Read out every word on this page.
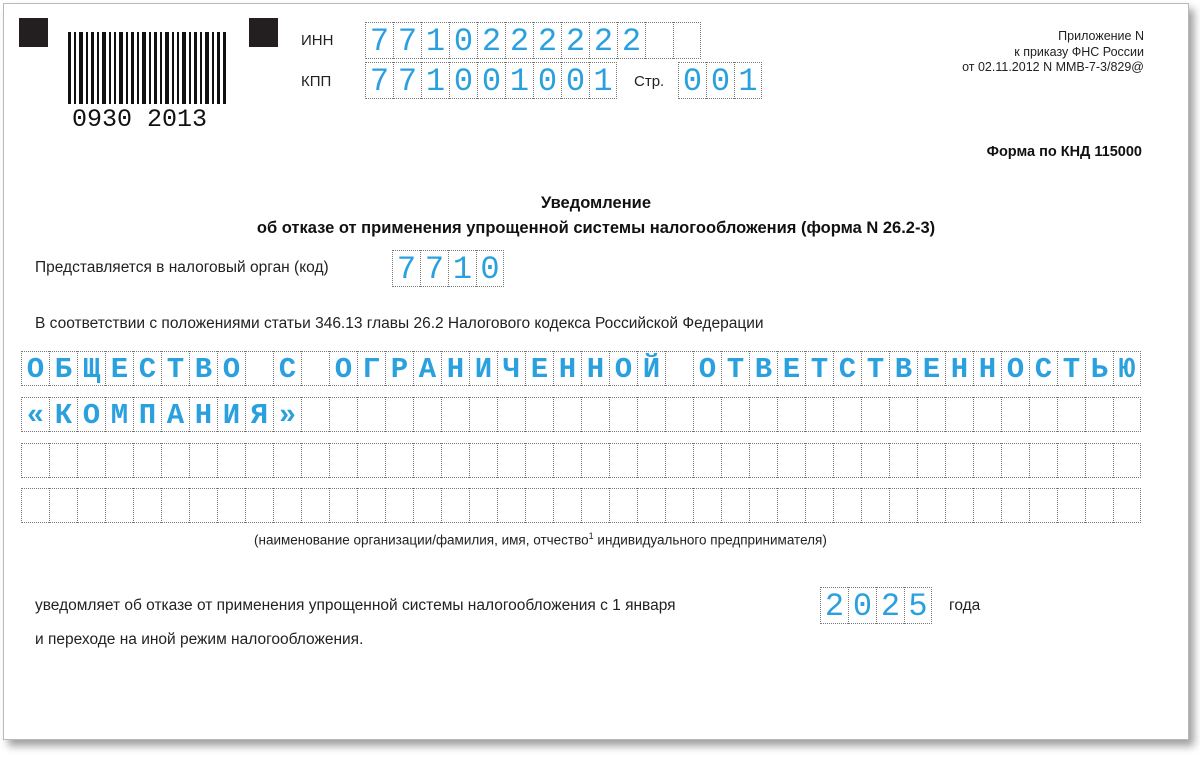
0930 2013
ИНН 7 7 1 0 2 2 2 2 2 2
КПП 7 7 1 0 0 1 0 0 1 Стр. 0 0 1
Приложение N
к приказу ФНС России
от 02.11.2012 N ММВ-7-3/829@
Форма по КНД 115000
Уведомление
об отказе от применения упрощенной системы налогообложения (форма N 26.2-3)
Представляется в налоговый орган (код) 7 7 1 0
В соответствии с положениями статьи 346.13 главы 26.2 Налогового кодекса Российской Федерации
О Б Щ Е С Т В О С О Г Р А Н И Ч Е Н Н О Й О Т В Е Т С Т В Е Н Н О С Т Ь Ю
« К О М П А Н И Я »
(наименование организации/фамилия, имя, отчество$^1$ индивидуального предпринимателя)
уведомляет об отказе от применения упрощенной системы налогообложения с 1 января	2 0 2 5 года
и переходе на иной режим налогообложения.
